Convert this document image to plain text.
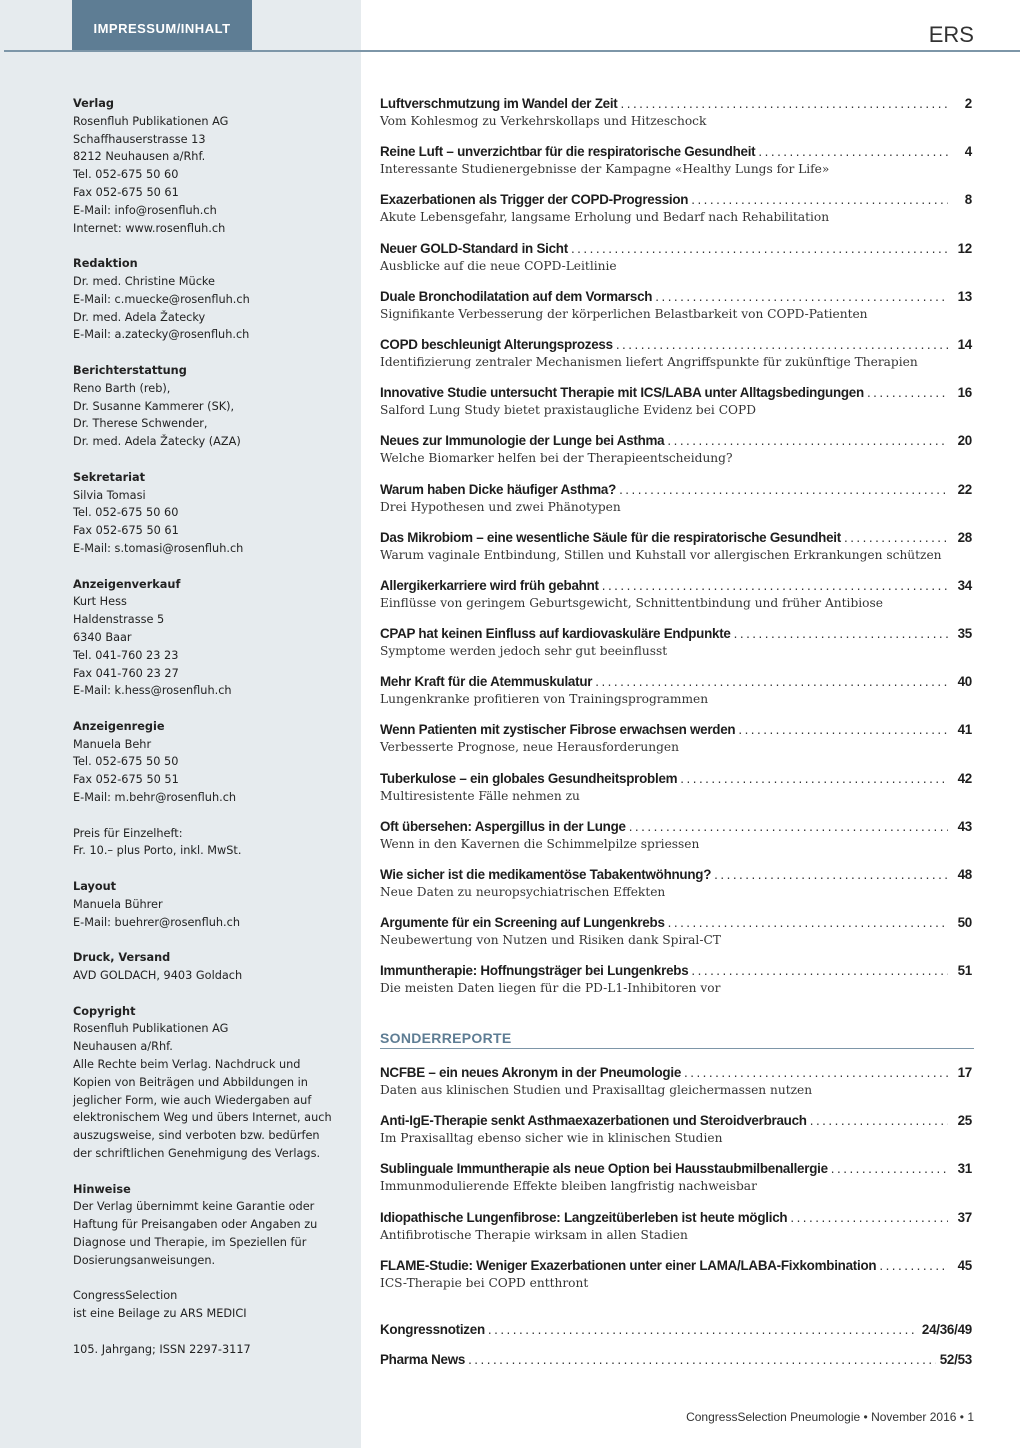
IMPRESSUM/INHALT	ERS
Verlag
Rosenfluh Publikationen AG
Schaffhauserstrasse 13
8212 Neuhausen a/Rhf.
Tel. 052-675 50 60
Fax 052-675 50 61
E-Mail: info@rosenfluh.ch
Internet: www.rosenfluh.ch
Redaktion
Dr. med. Christine Mücke
E-Mail: c.muecke@rosenfluh.ch
Dr. med. Adela Žatecky
E-Mail: a.zatecky@rosenfluh.ch
Berichterstattung
Reno Barth (reb),
Dr. Susanne Kammerer (SK),
Dr. Therese Schwender,
Dr. med. Adela Žatecky (AZA)
Sekretariat
Silvia Tomasi
Tel. 052-675 50 60
Fax 052-675 50 61
E-Mail: s.tomasi@rosenfluh.ch
Anzeigenverkauf
Kurt Hess
Haldenstrasse 5
6340 Baar
Tel. 041-760 23 23
Fax 041-760 23 27
E-Mail: k.hess@rosenfluh.ch
Anzeigenregie
Manuela Behr
Tel. 052-675 50 50
Fax 052-675 50 51
E-Mail: m.behr@rosenfluh.ch
Preis für Einzelheft:
Fr. 10.– plus Porto, inkl. MwSt.
Layout
Manuela Bührer
E-Mail: buehrer@rosenfluh.ch
Druck, Versand
AVD GOLDACH, 9403 Goldach
Copyright
Rosenfluh Publikationen AG
Neuhausen a/Rhf.
Alle Rechte beim Verlag. Nachdruck und
Kopien von Beiträgen und Abbildungen in
jeglicher Form, wie auch Wiedergaben auf
elektronischem Weg und übers Internet, auch
auszugsweise, sind verboten bzw. bedürfen
der schriftlichen Genehmigung des Verlags.
Hinweise
Der Verlag übernimmt keine Garantie oder
Haftung für Preisangaben oder Angaben zu
Diagnose und Therapie, im Speziellen für
Dosierungsanweisungen.
CongressSelection
ist eine Beilage zu ARS MEDICI
105. Jahrgang; ISSN 2297-3117
Luftverschmutzung im Wandel der Zeit .....	2
Vom Kohlesmog zu Verkehrskollaps und Hitzeschock
Reine Luft – unverzichtbar für die respiratorische Gesundheit .....	4
Interessante Studienergebnisse der Kampagne «Healthy Lungs for Life»
Exazerbationen als Trigger der COPD-Progression .....	8
Akute Lebensgefahr, langsame Erholung und Bedarf nach Rehabilitation
Neuer GOLD-Standard in Sicht .....	12
Ausblicke auf die neue COPD-Leitlinie
Duale Bronchodilatation auf dem Vormarsch .....	13
Signifikante Verbesserung der körperlichen Belastbarkeit von COPD-Patienten
COPD beschleunigt Alterungsprozess .....	14
Identifizierung zentraler Mechanismen liefert Angriffspunkte für zukünftige Therapien
Innovative Studie untersucht Therapie mit ICS/LABA unter Alltagsbedingungen .....	16
Salford Lung Study bietet praxistaugliche Evidenz bei COPD
Neues zur Immunologie der Lunge bei Asthma .....	20
Welche Biomarker helfen bei der Therapieentscheidung?
Warum haben Dicke häufiger Asthma? .....	22
Drei Hypothesen und zwei Phänotypen
Das Mikrobiom – eine wesentliche Säule für die respiratorische Gesundheit .....	28
Warum vaginale Entbindung, Stillen und Kuhstall vor allergischen Erkrankungen schützen
Allergikerkarriere wird früh gebahnt .....	34
Einflüsse von geringem Geburtsgewicht, Schnittentbindung und früher Antibiose
CPAP hat keinen Einfluss auf kardiovaskuläre Endpunkte .....	35
Symptome werden jedoch sehr gut beeinflusst
Mehr Kraft für die Atemmuskulatur .....	40
Lungenkranke profitieren von Trainingsprogrammen
Wenn Patienten mit zystischer Fibrose erwachsen werden .....	41
Verbesserte Prognose, neue Herausforderungen
Tuberkulose – ein globales Gesundheitsproblem .....	42
Multiresistente Fälle nehmen zu
Oft übersehen: Aspergillus in der Lunge .....	43
Wenn in den Kavernen die Schimmelpilze spriessen
Wie sicher ist die medikamentöse Tabakentwöhnung? .....	48
Neue Daten zu neuropsychiatrischen Effekten
Argumente für ein Screening auf Lungenkrebs .....	50
Neubewertung von Nutzen und Risiken dank Spiral-CT
Immuntherapie: Hoffnungsträger bei Lungenkrebs .....	51
Die meisten Daten liegen für die PD-L1-Inhibitoren vor
SONDERREPORTE
NCFBE – ein neues Akronym in der Pneumologie .....	17
Daten aus klinischen Studien und Praxisalltag gleichermassen nutzen
Anti-IgE-Therapie senkt Asthmaexazerbationen und Steroidverbrauch .....	25
Im Praxisalltag ebenso sicher wie in klinischen Studien
Sublinguale Immuntherapie als neue Option bei Hausstaubmilbenallergie .....	31
Immunmodulierende Effekte bleiben langfristig nachweisbar
Idiopathische Lungenfibrose: Langzeitüberleben ist heute möglich .....	37
Antifibrotische Therapie wirksam in allen Stadien
FLAME-Studie: Weniger Exazerbationen unter einer LAMA/LABA-Fixkombination .....	45
ICS-Therapie bei COPD entthront
Kongressnotizen .....	24/36/49
Pharma News .....	52/53
CongressSelection Pneumologie • November 2016 • 1
